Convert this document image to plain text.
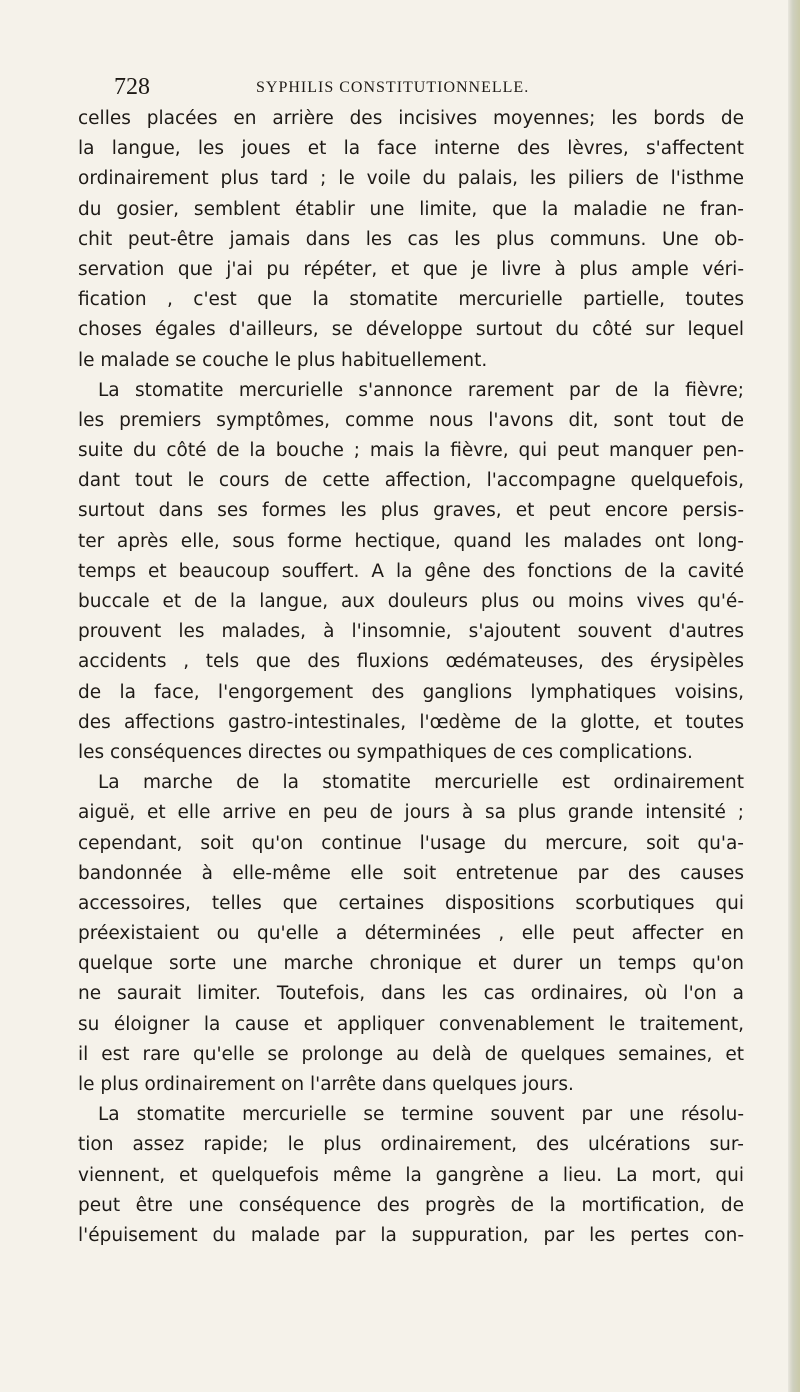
728	SYPHILIS CONSTITUTIONNELLE.
celles placées en arrière des incisives moyennes; les bords de
la langue, les joues et la face interne des lèvres, s'affectent
ordinairement plus tard ; le voile du palais, les piliers de l'isthme
du gosier, semblent établir une limite, que la maladie ne fran-
chit peut-être jamais dans les cas les plus communs. Une ob-
servation que j'ai pu répéter, et que je livre à plus ample véri-
fication , c'est que la stomatite mercurielle partielle, toutes
choses égales d'ailleurs, se développe surtout du côté sur lequel
le malade se couche le plus habituellement.
La stomatite mercurielle s'annonce rarement par de la fièvre;
les premiers symptômes, comme nous l'avons dit, sont tout de
suite du côté de la bouche ; mais la fièvre, qui peut manquer pen-
dant tout le cours de cette affection, l'accompagne quelquefois,
surtout dans ses formes les plus graves, et peut encore persis-
ter après elle, sous forme hectique, quand les malades ont long-
temps et beaucoup souffert. A la gêne des fonctions de la cavité
buccale et de la langue, aux douleurs plus ou moins vives qu'é-
prouvent les malades, à l'insomnie, s'ajoutent souvent d'autres
accidents , tels que des fluxions œdémateuses, des érysipèles
de la face, l'engorgement des ganglions lymphatiques voisins,
des affections gastro-intestinales, l'œdème de la glotte, et toutes
les conséquences directes ou sympathiques de ces complications.
La marche de la stomatite mercurielle est ordinairement
aiguë, et elle arrive en peu de jours à sa plus grande intensité ;
cependant, soit qu'on continue l'usage du mercure, soit qu'a-
bandonnée à elle-même elle soit entretenue par des causes
accessoires, telles que certaines dispositions scorbutiques qui
préexistaient ou qu'elle a déterminées , elle peut affecter en
quelque sorte une marche chronique et durer un temps qu'on
ne saurait limiter. Toutefois, dans les cas ordinaires, où l'on a
su éloigner la cause et appliquer convenablement le traitement,
il est rare qu'elle se prolonge au delà de quelques semaines, et
le plus ordinairement on l'arrête dans quelques jours.
La stomatite mercurielle se termine souvent par une résolu-
tion assez rapide; le plus ordinairement, des ulcérations sur-
viennent, et quelquefois même la gangrène a lieu. La mort, qui
peut être une conséquence des progrès de la mortification, de
l'épuisement du malade par la suppuration, par les pertes con-
